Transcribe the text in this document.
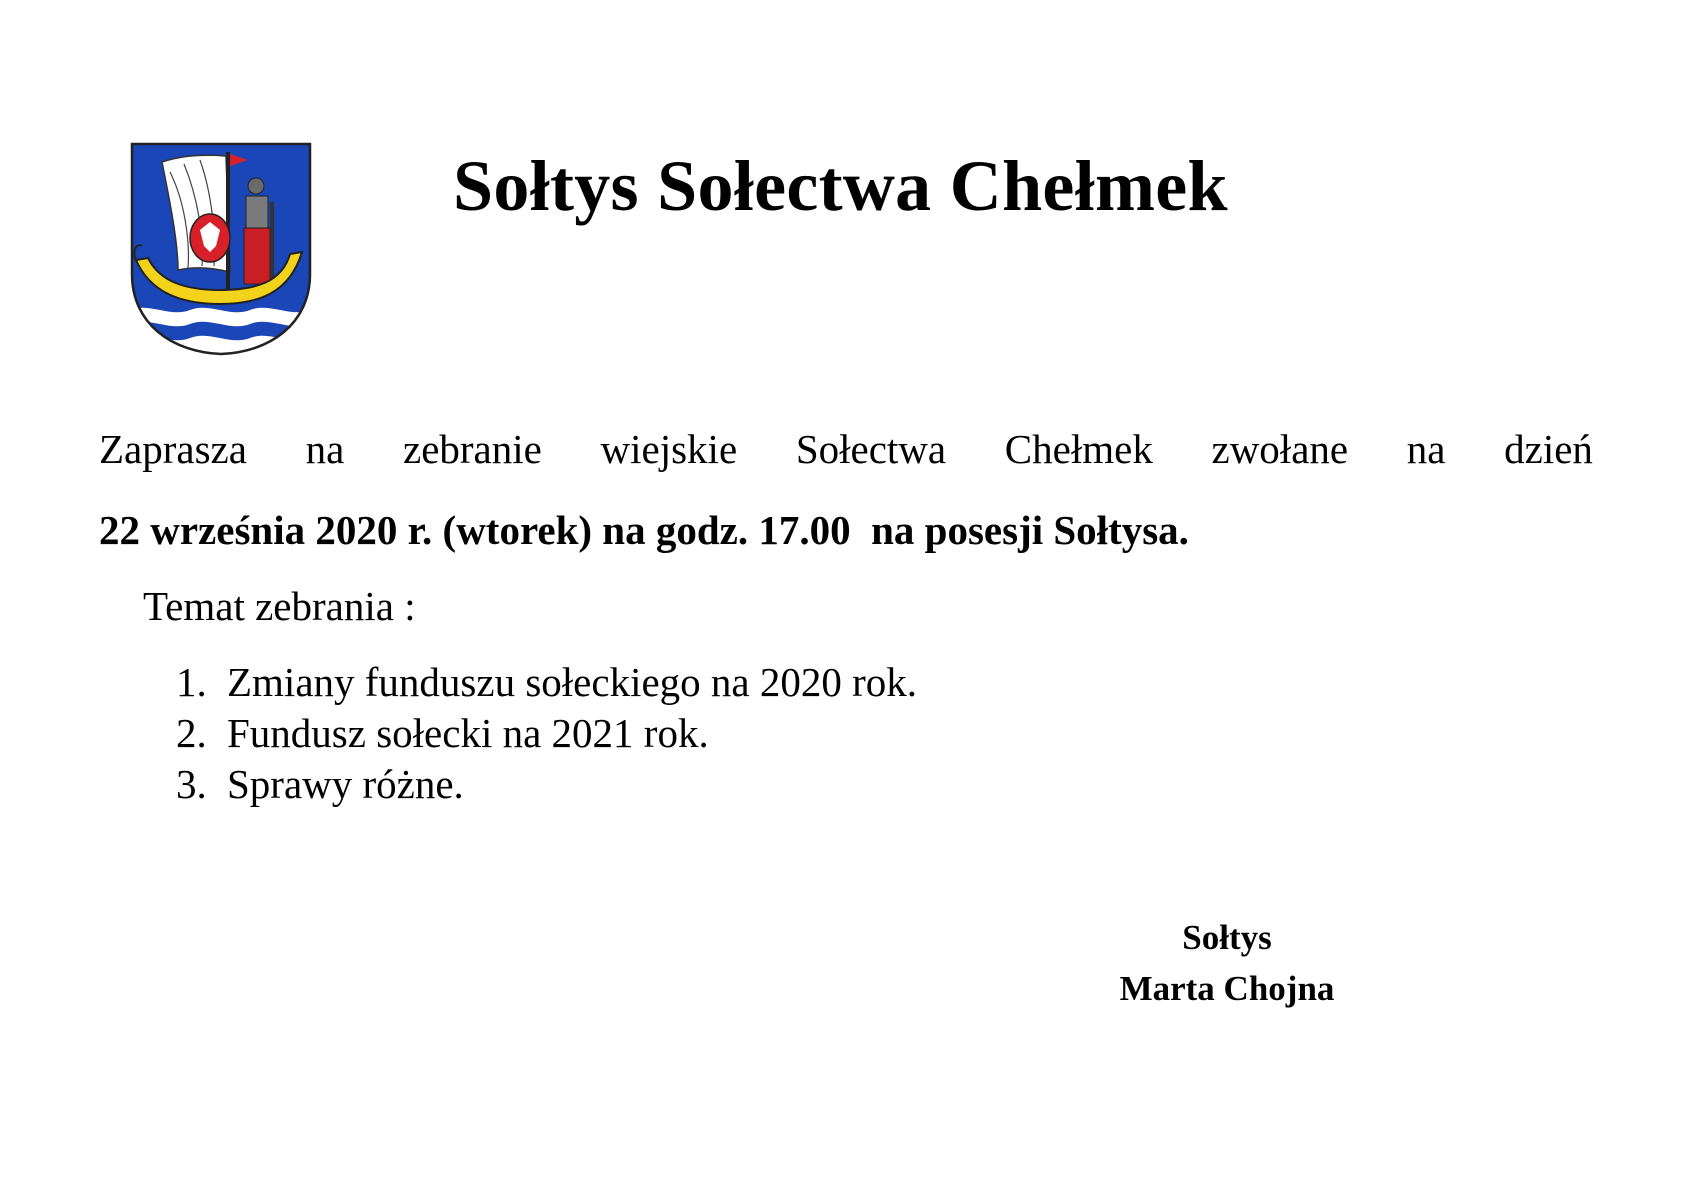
Sołtys Sołectwa Chełmek
Zaprasza na zebranie wiejskie Sołectwa Chełmek zwołane na dzień
22 września 2020 r. (wtorek) na godz. 17.00  na posesji Sołtysa.
Temat zebrania :
1. Zmiany funduszu sołeckiego na 2020 rok.
2. Fundusz sołecki na 2021 rok.
3. Sprawy różne.
Sołtys
Marta Chojna
